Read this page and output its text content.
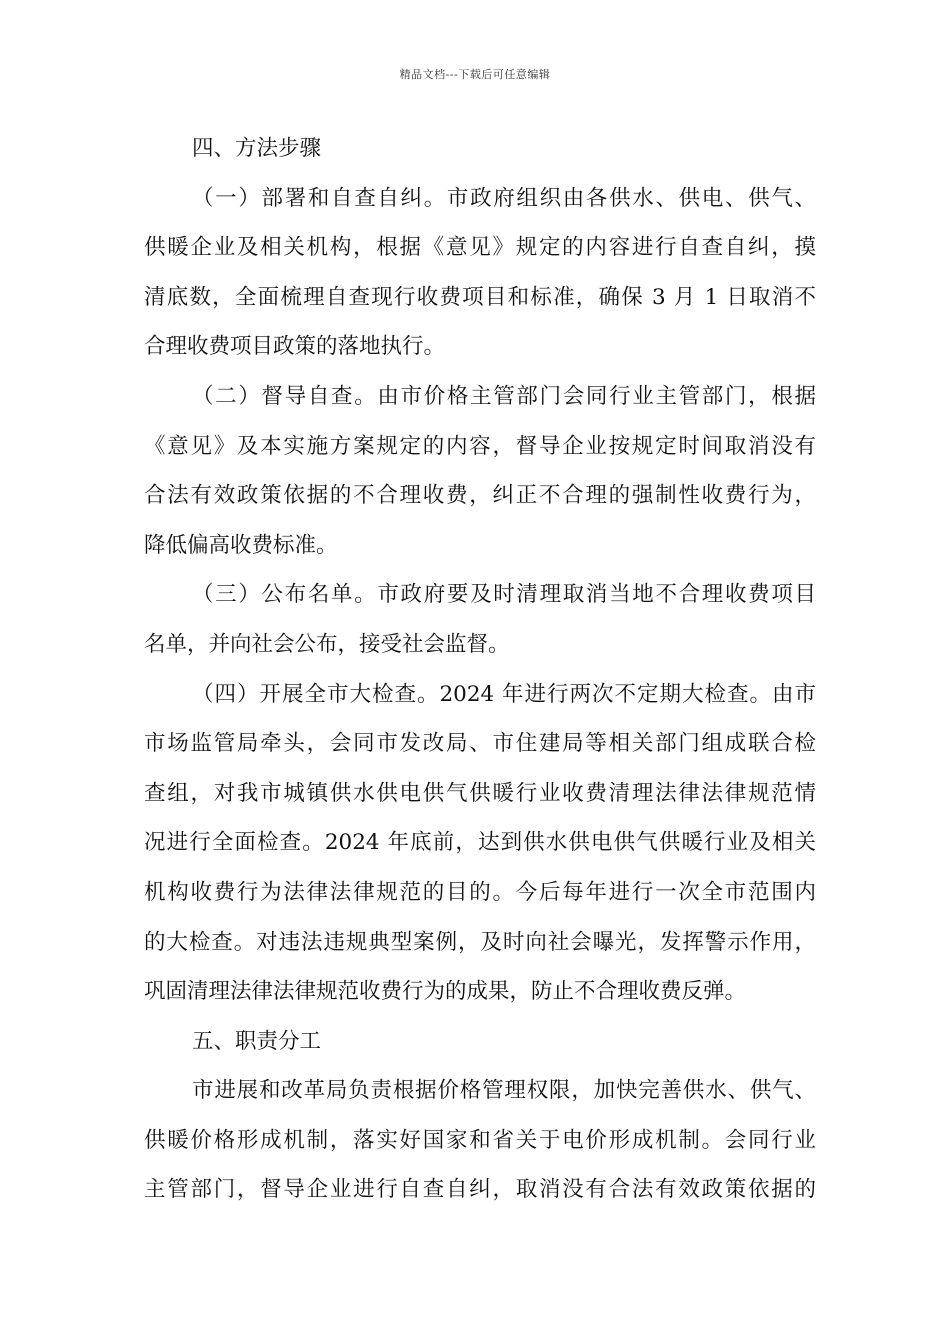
精品文档---下载后可任意编辑
四、方法步骤
（一）部署和自查自纠。市政府组织由各供水、供电、供气、
供暖企业及相关机构，根据《意见》规定的内容进行自查自纠，摸
清底数，全面梳理自查现行收费项目和标准，确保 3 月 1 日取消不
合理收费项目政策的落地执行。
（二）督导自查。由市价格主管部门会同行业主管部门，根据
《意见》及本实施方案规定的内容，督导企业按规定时间取消没有
合法有效政策依据的不合理收费，纠正不合理的强制性收费行为，
降低偏高收费标准。
（三）公布名单。市政府要及时清理取消当地不合理收费项目
名单，并向社会公布，接受社会监督。
（四）开展全市大检查。2024 年进行两次不定期大检查。由市
市场监管局牵头，会同市发改局、市住建局等相关部门组成联合检
查组，对我市城镇供水供电供气供暖行业收费清理法律法律规范情
况进行全面检查。2024 年底前，达到供水供电供气供暖行业及相关
机构收费行为法律法律规范的目的。今后每年进行一次全市范围内
的大检查。对违法违规典型案例，及时向社会曝光，发挥警示作用，
巩固清理法律法律规范收费行为的成果，防止不合理收费反弹。
五、职责分工
市进展和改革局负责根据价格管理权限，加快完善供水、供气、
供暖价格形成机制，落实好国家和省关于电价形成机制。会同行业
主管部门，督导企业进行自查自纠，取消没有合法有效政策依据的
